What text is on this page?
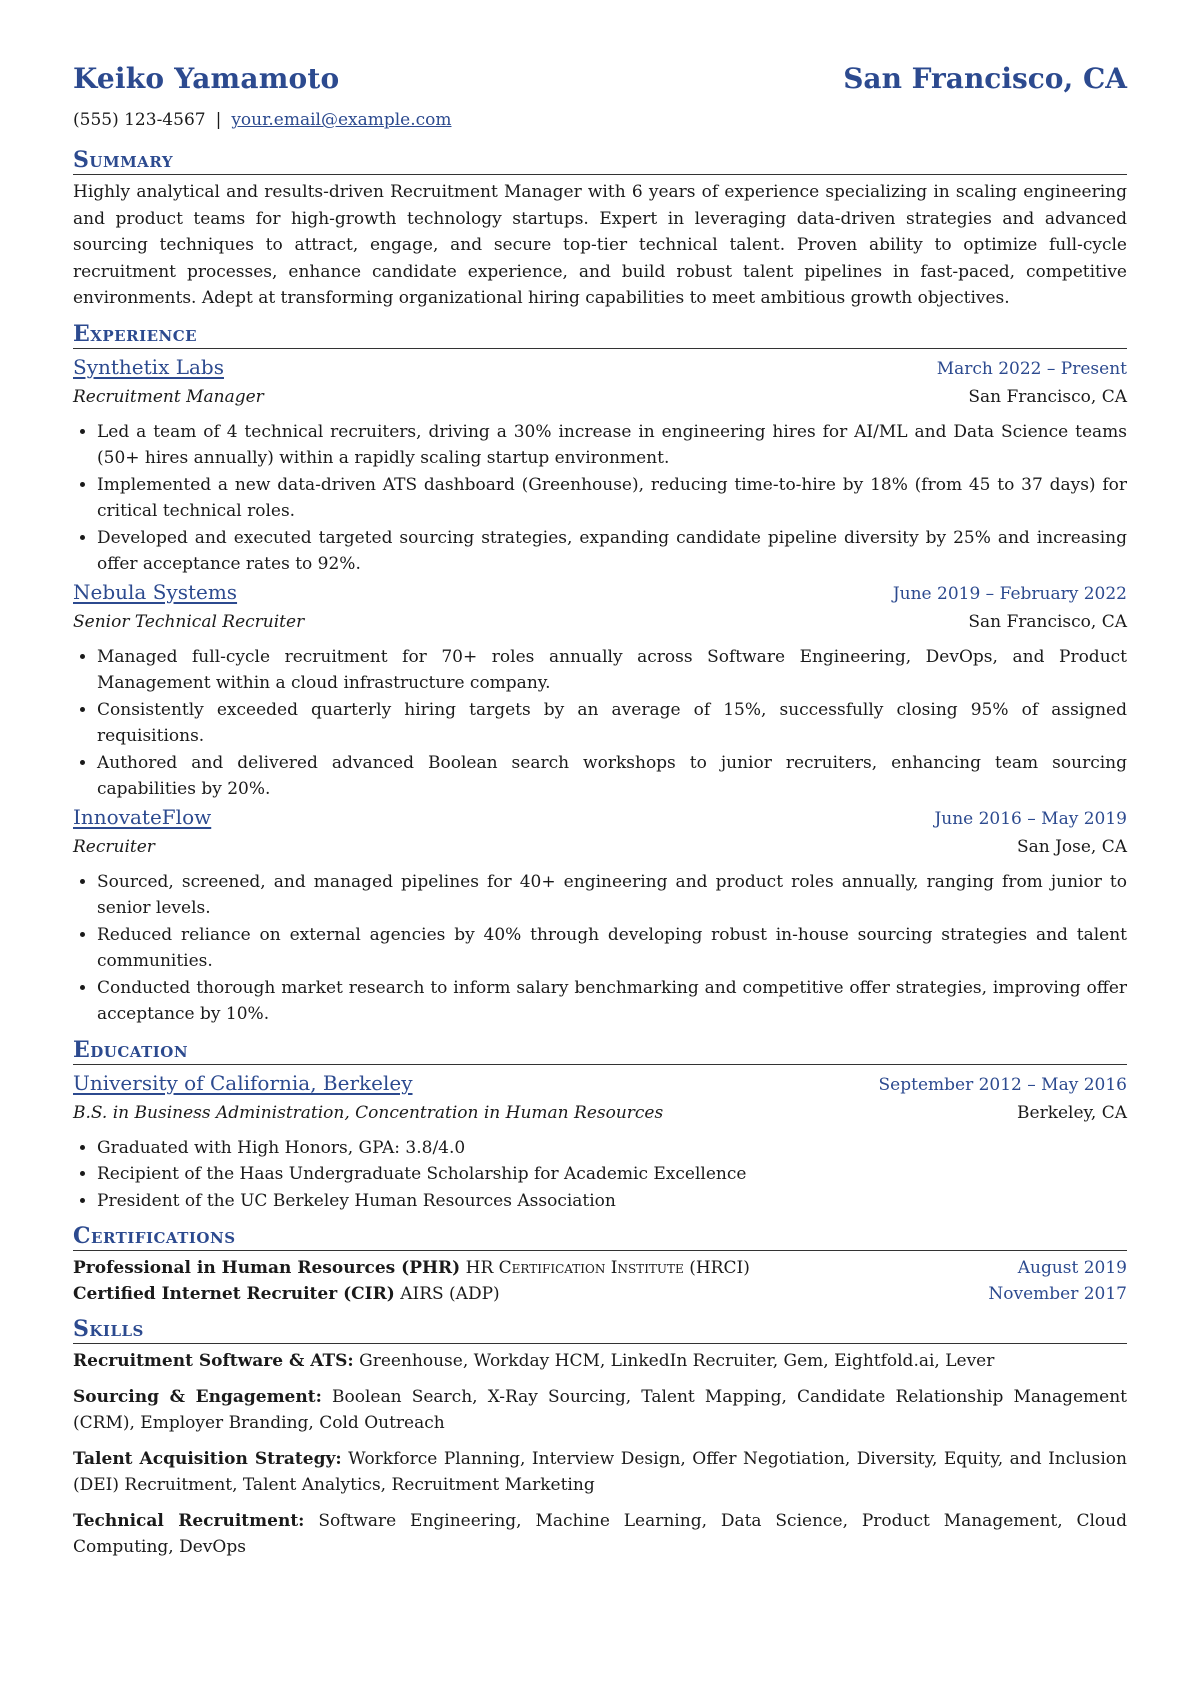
Keiko Yamamoto	San Francisco, CA
(555) 123-4567 | your.email@example.com
Summary

Highly analytical and results-driven Recruitment Manager with 6 years of experience specializing in scaling engineering and product teams for high-growth technology startups. Expert in leveraging data-driven strategies and advanced sourcing techniques to attract, engage, and secure top-tier technical talent. Proven ability to optimize full-cycle recruitment processes, enhance candidate experience, and build robust talent pipelines in fast-paced, competitive environments. Adept at transforming organizational hiring capabilities to meet ambitious growth objectives.

Experience
Synthetix Labs	March 2022 – Present
Recruitment Manager	San Francisco, CA
• Led a team of 4 technical recruiters, driving a 30% increase in engineering hires for AI/ML and Data Science teams (50+ hires annually) within a rapidly scaling startup environment.
• Implemented a new data-driven ATS dashboard (Greenhouse), reducing time-to-hire by 18% (from 45 to 37 days) for critical technical roles.
• Developed and executed targeted sourcing strategies, expanding candidate pipeline diversity by 25% and increasing offer acceptance rates to 92%.
Nebula Systems	June 2019 – February 2022
Senior Technical Recruiter	San Francisco, CA
• Managed full-cycle recruitment for 70+ roles annually across Software Engineering, DevOps, and Product Management within a cloud infrastructure company.
• Consistently exceeded quarterly hiring targets by an average of 15%, successfully closing 95% of assigned requisitions.
• Authored and delivered advanced Boolean search workshops to junior recruiters, enhancing team sourcing capabilities by 20%.
InnovateFlow	June 2016 – May 2019
Recruiter	San Jose, CA
• Sourced, screened, and managed pipelines for 40+ engineering and product roles annually, ranging from junior to senior levels.
• Reduced reliance on external agencies by 40% through developing robust in-house sourcing strategies and talent communities.
• Conducted thorough market research to inform salary benchmarking and competitive offer strategies, improving offer acceptance by 10%.
Education
University of California, Berkeley	September 2012 – May 2016
B.S. in Business Administration, Concentration in Human Resources	Berkeley, CA
• Graduated with High Honors, GPA: 3.8/4.0
• Recipient of the Haas Undergraduate Scholarship for Academic Excellence
• President of the UC Berkeley Human Resources Association
Certifications
Professional in Human Resources (PHR) HR Certification Institute (HRCI)	August 2019
Certified Internet Recruiter (CIR) AIRS (ADP)	November 2017
Skills

Recruitment Software & ATS: Greenhouse, Workday HCM, LinkedIn Recruiter, Gem, Eightfold.ai, Lever

Sourcing & Engagement: Boolean Search, X-Ray Sourcing, Talent Mapping, Candidate Relationship Management (CRM), Employer Branding, Cold Outreach

Talent Acquisition Strategy: Workforce Planning, Interview Design, Offer Negotiation, Diversity, Equity, and Inclusion (DEI) Recruitment, Talent Analytics, Recruitment Marketing

Technical Recruitment: Software Engineering, Machine Learning, Data Science, Product Management, Cloud Computing, DevOps
